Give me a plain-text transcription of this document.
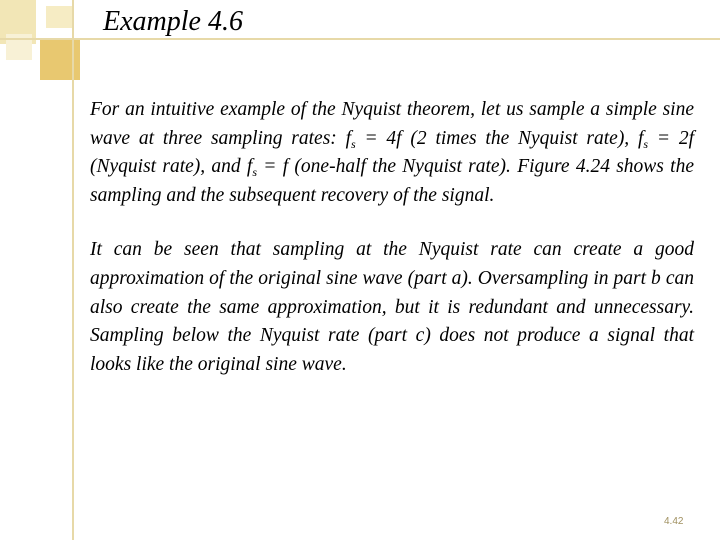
Example 4.6

For an intuitive example of the Nyquist theorem, let us sample a simple sine wave at three sampling rates: $f_s = 4f$ (2 times the Nyquist rate), $f_s = 2f$ (Nyquist rate), and $f_s = f$ (one-half the Nyquist rate). Figure 4.24 shows the sampling and the subsequent recovery of the signal.

It can be seen that sampling at the Nyquist rate can create a good approximation of the original sine wave (part a). Oversampling in part b can also create the same approximation, but it is redundant and unnecessary. Sampling below the Nyquist rate (part c) does not produce a signal that looks like the original sine wave.

4.42
